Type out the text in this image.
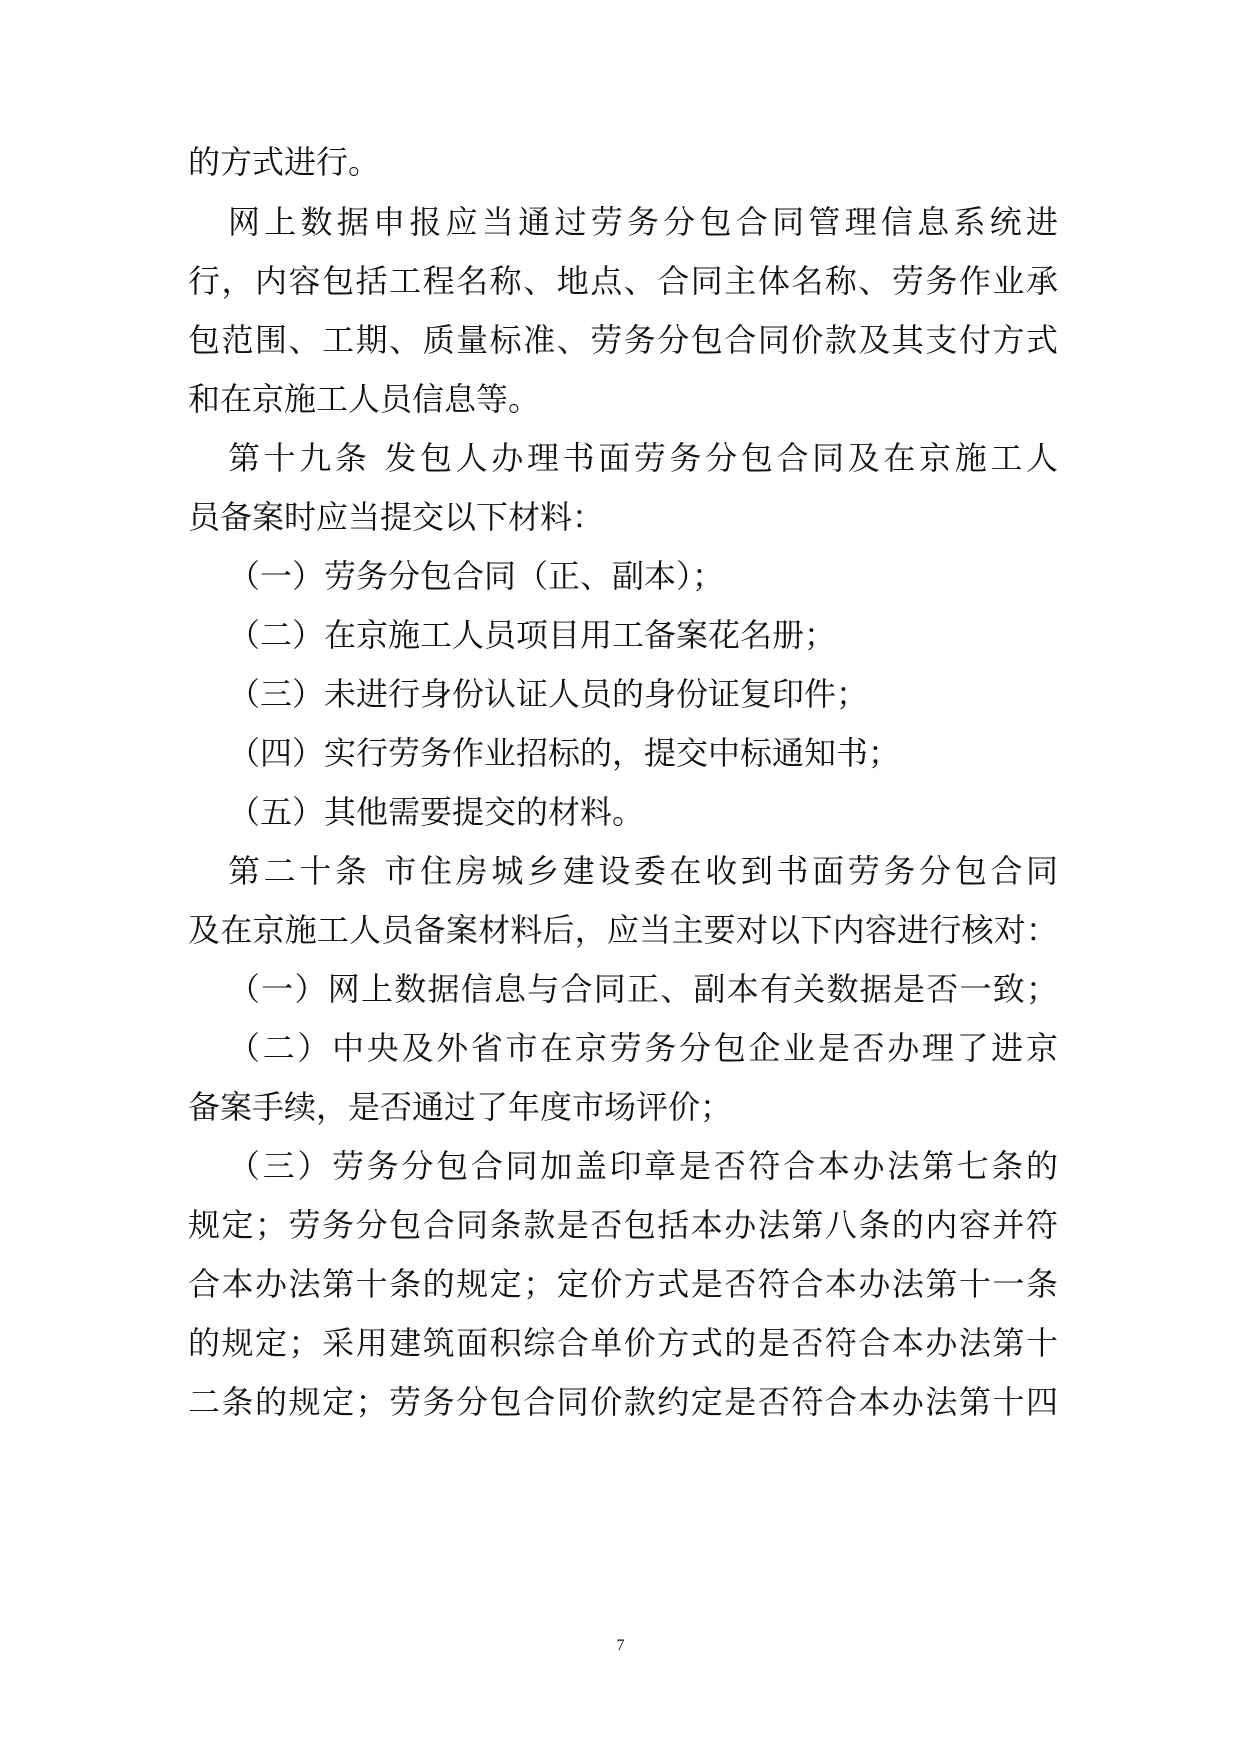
的方式进行。
网上数据申报应当通过劳务分包合同管理信息系统进
行，内容包括工程名称、地点、合同主体名称、劳务作业承
包范围、工期、质量标准、劳务分包合同价款及其支付方式
和在京施工人员信息等。
第十九条 发包人办理书面劳务分包合同及在京施工人
员备案时应当提交以下材料：
（一）劳务分包合同（正、副本）；
（二）在京施工人员项目用工备案花名册；
（三）未进行身份认证人员的身份证复印件；
（四）实行劳务作业招标的，提交中标通知书；
（五）其他需要提交的材料。
第二十条 市住房城乡建设委在收到书面劳务分包合同
及在京施工人员备案材料后，应当主要对以下内容进行核对：
（一）网上数据信息与合同正、副本有关数据是否一致；
（二）中央及外省市在京劳务分包企业是否办理了进京
备案手续，是否通过了年度市场评价；
（三）劳务分包合同加盖印章是否符合本办法第七条的
规定；劳务分包合同条款是否包括本办法第八条的内容并符
合本办法第十条的规定；定价方式是否符合本办法第十一条
的规定；采用建筑面积综合单价方式的是否符合本办法第十
二条的规定；劳务分包合同价款约定是否符合本办法第十四
7
